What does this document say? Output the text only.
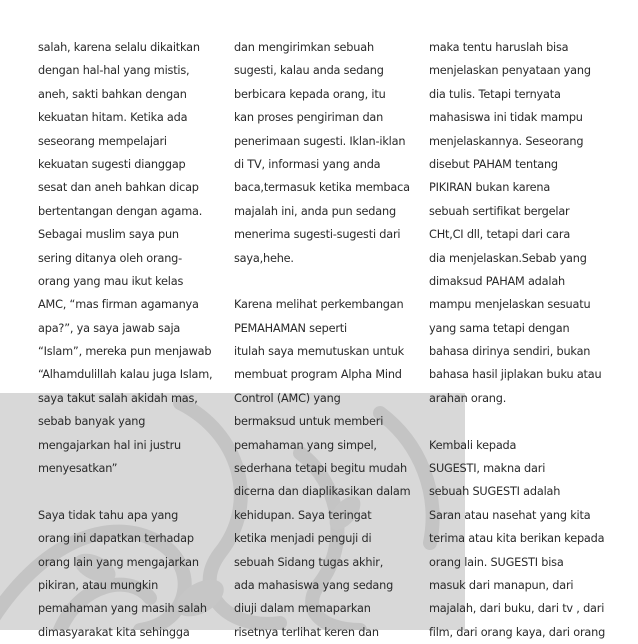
salah, karena selalu dikaitkan
dengan hal-hal yang mistis,
aneh, sakti bahkan dengan
kekuatan hitam. Ketika ada
seseorang mempelajari
kekuatan sugesti dianggap
sesat dan aneh bahkan dicap
bertentangan dengan agama.
Sebagai muslim saya pun
sering ditanya oleh orang-
orang yang mau ikut kelas
AMC, “mas firman agamanya
apa?”, ya saya jawab saja
“Islam”, mereka pun menjawab
“Alhamdulillah kalau juga Islam,
saya takut salah akidah mas,
sebab banyak yang
mengajarkan hal ini justru
menyesatkan”
Saya tidak tahu apa yang
orang ini dapatkan terhadap
orang lain yang mengajarkan
pikiran, atau mungkin
pemahaman yang masih salah
dimasyarakat kita sehingga
dan mengirimkan sebuah
sugesti, kalau anda sedang
berbicara kepada orang, itu
kan proses pengiriman dan
penerimaan sugesti. Iklan-iklan
di TV, informasi yang anda
baca,termasuk ketika membaca
majalah ini, anda pun sedang
menerima sugesti-sugesti dari
saya,hehe.
Karena melihat perkembangan
PEMAHAMAN seperti
itulah saya memutuskan untuk
membuat program Alpha Mind
Control (AMC) yang
bermaksud untuk memberi
pemahaman yang simpel,
sederhana tetapi begitu mudah
dicerna dan diaplikasikan dalam
kehidupan. Saya teringat
ketika menjadi penguji di
sebuah Sidang tugas akhir,
ada mahasiswa yang sedang
diuji dalam memaparkan
risetnya terlihat keren dan
maka tentu haruslah bisa
menjelaskan penyataan yang
dia tulis. Tetapi ternyata
mahasiswa ini tidak mampu
menjelaskannya. Seseorang
disebut PAHAM tentang
PIKIRAN bukan karena
sebuah sertifikat bergelar
CHt,CI dll, tetapi dari cara
dia menjelaskan.Sebab yang
dimaksud PAHAM adalah
mampu menjelaskan sesuatu
yang sama tetapi dengan
bahasa dirinya sendiri, bukan
bahasa hasil jiplakan buku atau
arahan orang.
Kembali kepada
SUGESTI, makna dari
sebuah SUGESTI adalah
Saran atau nasehat yang kita
terima atau kita berikan kepada
orang lain. SUGESTI bisa
masuk dari manapun, dari
majalah, dari buku, dari tv , dari
film, dari orang kaya, dari orang
